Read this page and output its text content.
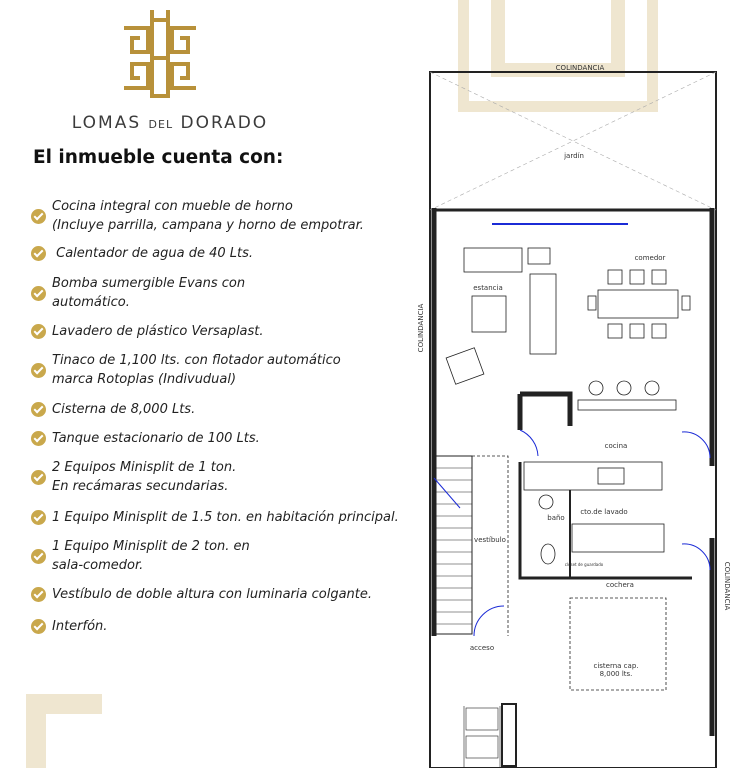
LOMAS DEL DORADO
El inmueble cuenta con:
Cocina integral con mueble de horno
(Incluye parrilla, campana y horno de empotrar.
Calentador de agua de 40 Lts.
Bomba sumergible Evans con
automático.
Lavadero de plástico Versaplast.
Tinaco de 1,100 lts. con flotador automático
marca Rotoplas (Indivudual)
Cisterna de 8,000 Lts.
Tanque estacionario de 100 Lts.
2 Equipos Minisplit de 1 ton.
En recámaras secundarias.
1 Equipo Minisplit de 1.5 ton. en habitación principal.
1 Equipo Minisplit de 2 ton. en
sala-comedor.
Vestíbulo de doble altura con luminaria colgante.
Interfón.
COLINDANCIA
jardín
COLINDANCIA
COLINDANCIA
estancia
comedor
cocina
baño
cto.de lavado
vestíbulo
closet de guardado
cochera
acceso
cisterna cap.
8,000 lts.
